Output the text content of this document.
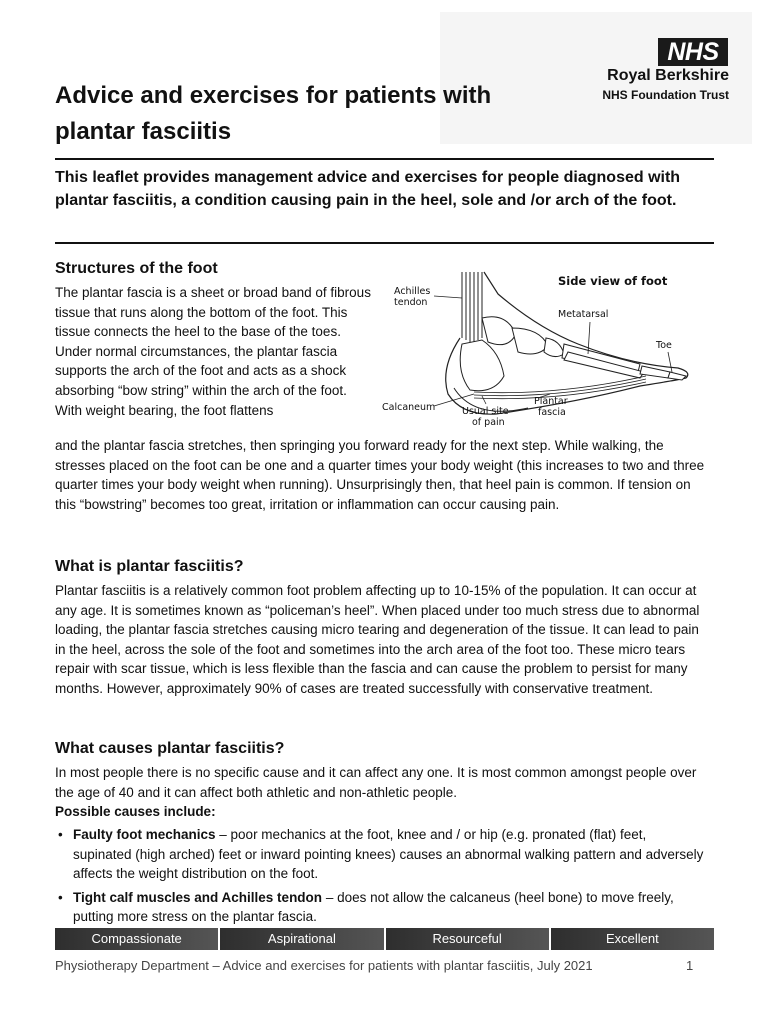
NHS
Royal Berkshire
NHS Foundation Trust
Advice and exercises for patients with plantar fasciitis

This leaflet provides management advice and exercises for people diagnosed with plantar fasciitis, a condition causing pain in the heel, sole and /or arch of the foot.

Structures of the foot

The plantar fascia is a sheet or broad band of fibrous tissue that runs along the bottom of the foot. This tissue connects the heel to the base of the toes. Under normal circumstances, the plantar fascia supports the arch of the foot and acts as a shock absorbing “bow string” within the arch of the foot. With weight bearing, the foot flattens

and the plantar fascia stretches, then springing you forward ready for the next step. While walking, the stresses placed on the foot can be one and a quarter times your body weight (this increases to two and three quarter times your body weight when running). Unsurprisingly then, that heel pain is common. If tension on this “bowstring” becomes too great, irritation or inflammation can occur causing pain.

Side view of foot
Achilles
tendon
Metatarsal
Toe
Calcaneum	Usual site
of pain
Plantar
fascia
What is plantar fasciitis?

Plantar fasciitis is a relatively common foot problem affecting up to 10-15% of the population. It can occur at any age. It is sometimes known as “policeman’s heel”. When placed under too much stress due to abnormal loading, the plantar fascia stretches causing micro tearing and degeneration of the tissue. It can lead to pain in the heel, across the sole of the foot and sometimes into the arch area of the foot too. These micro tears repair with scar tissue, which is less flexible than the fascia and can cause the problem to persist for many months. However, approximately 90% of cases are treated successfully with conservative treatment.

What causes plantar fasciitis?

In most people there is no specific cause and it can affect any one. It is most common amongst people over the age of 40 and it can affect both athletic and non-athletic people.

Possible causes include:

• Faulty foot mechanics – poor mechanics at the foot, knee and / or hip (e.g. pronated (flat) feet, supinated (high arched) feet or inward pointing knees) causes an abnormal walking pattern and adversely affects the weight distribution on the foot.
• Tight calf muscles and Achilles tendon – does not allow the calcaneus (heel bone) to move freely, putting more stress on the plantar fascia.
Compassionate	Aspirational	Resourceful	Excellent
Physiotherapy Department – Advice and exercises for patients with plantar fasciitis, July 2021	1
